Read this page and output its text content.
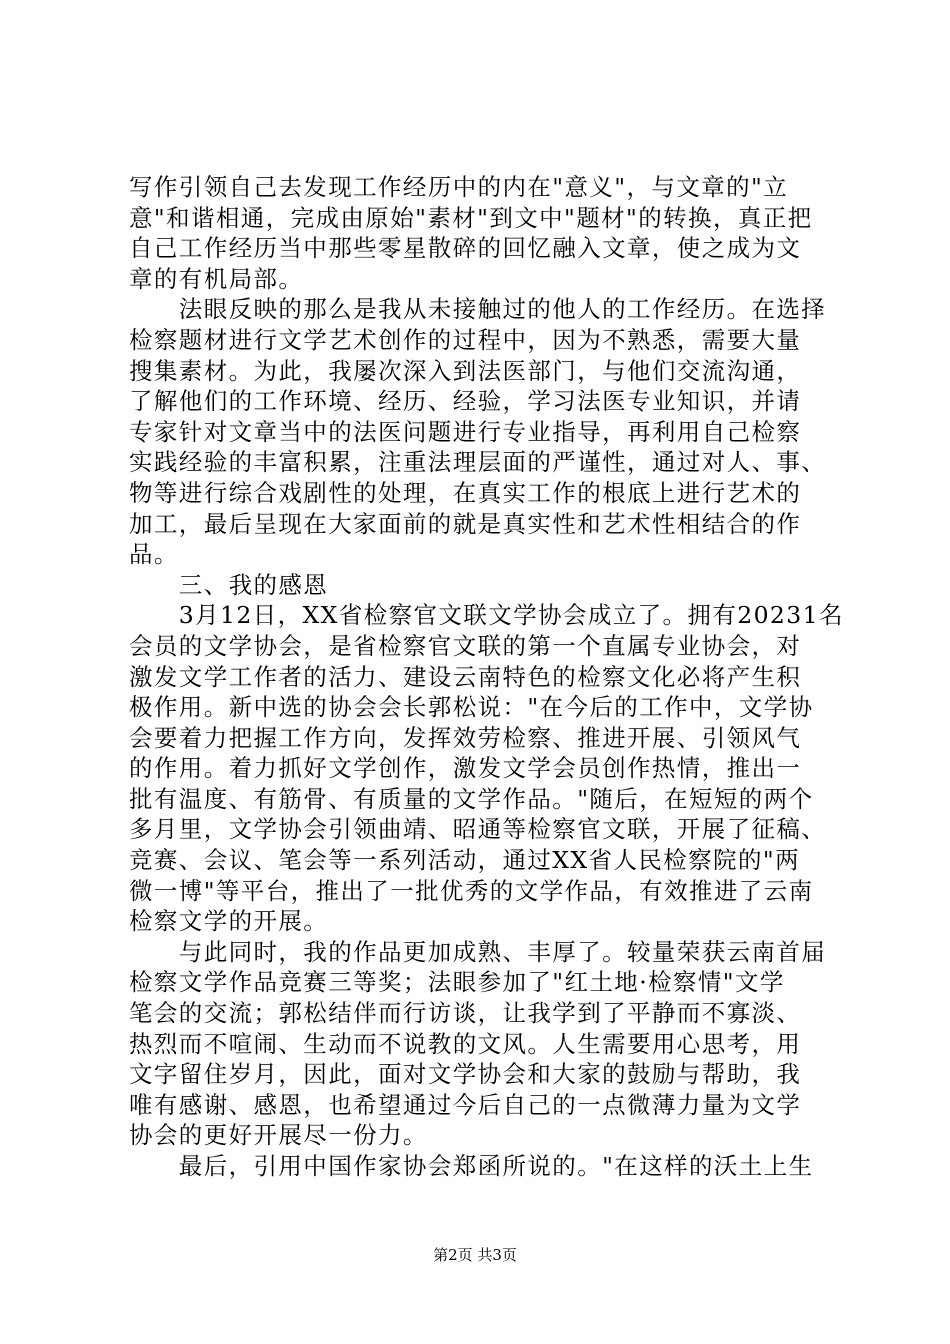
写作引领自己去发现工作经历中的内在"意义"，与文章的"立
意"和谐相通，完成由原始"素材"到文中"题材"的转换，真正把
自己工作经历当中那些零星散碎的回忆融入文章，使之成为文
章的有机局部。
　　法眼反映的那么是我从未接触过的他人的工作经历。在选择
检察题材进行文学艺术创作的过程中，因为不熟悉，需要大量
搜集素材。为此，我屡次深入到法医部门，与他们交流沟通，
了解他们的工作环境、经历、经验，学习法医专业知识，并请
专家针对文章当中的法医问题进行专业指导，再利用自己检察
实践经验的丰富积累，注重法理层面的严谨性，通过对人、事、
物等进行综合戏剧性的处理，在真实工作的根底上进行艺术的
加工，最后呈现在大家面前的就是真实性和艺术性相结合的作
品。
　　三、我的感恩
　　3月12日，XX省检察官文联文学协会成立了。拥有20231名
会员的文学协会，是省检察官文联的第一个直属专业协会，对
激发文学工作者的活力、建设云南特色的检察文化必将产生积
极作用。新中选的协会会长郭松说："在今后的工作中，文学协
会要着力把握工作方向，发挥效劳检察、推进开展、引领风气
的作用。着力抓好文学创作，激发文学会员创作热情，推出一
批有温度、有筋骨、有质量的文学作品。"随后，在短短的两个
多月里，文学协会引领曲靖、昭通等检察官文联，开展了征稿、
竞赛、会议、笔会等一系列活动，通过XX省人民检察院的"两
微一博"等平台，推出了一批优秀的文学作品，有效推进了云南
检察文学的开展。
　　与此同时，我的作品更加成熟、丰厚了。较量荣获云南首届
检察文学作品竞赛三等奖；法眼参加了"红土地·检察情"文学
笔会的交流；郭松结伴而行访谈，让我学到了平静而不寡淡、
热烈而不喧闹、生动而不说教的文风。人生需要用心思考，用
文字留住岁月，因此，面对文学协会和大家的鼓励与帮助，我
唯有感谢、感恩，也希望通过今后自己的一点微薄力量为文学
协会的更好开展尽一份力。
　　最后，引用中国作家协会郑函所说的。"在这样的沃土上生
第2页 共3页
